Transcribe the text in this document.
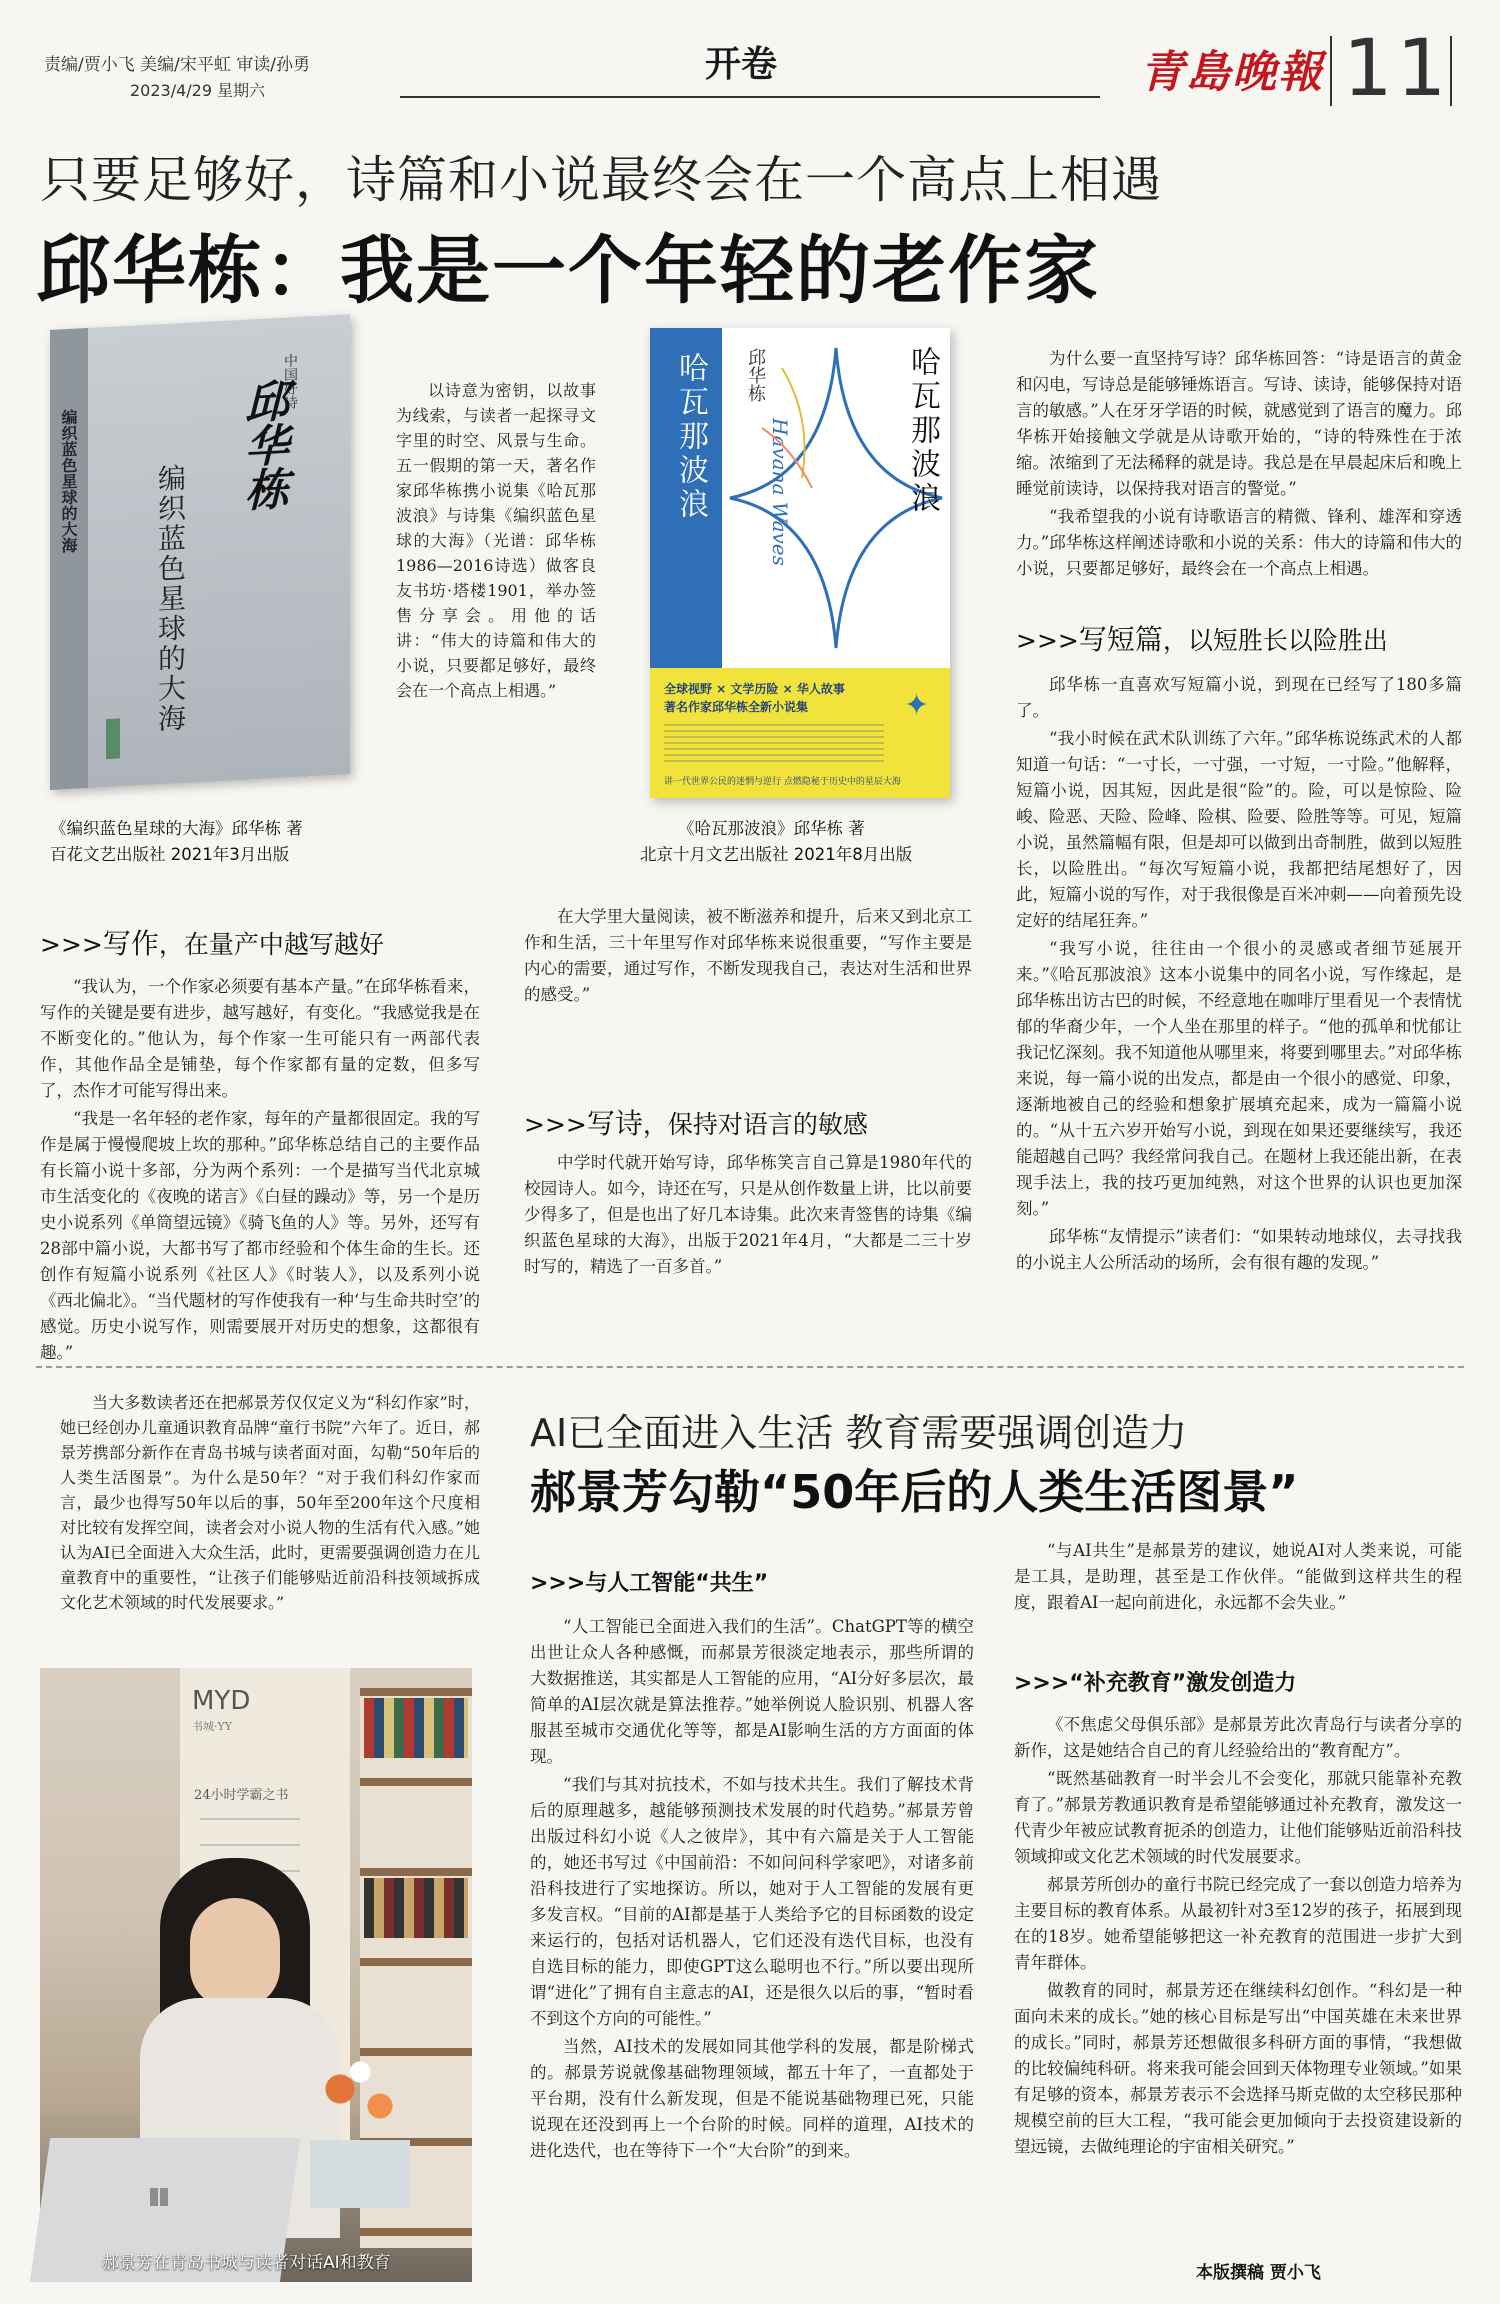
责编/贾小飞 美编/宋平虹 审读/孙勇
2023/4/29 星期六
开卷	青島晚報 11
只要足够好，诗篇和小说最终会在一个高点上相遇
邱华栋：我是一个年轻的老作家
编织蓝色星球的大海
中国好诗
邱华栋
编织蓝色星球的大海
《编织蓝色星球的大海》邱华栋 著
百花文艺出版社 2021年3月出版

以诗意为密钥，以故事为线索，与读者一起探寻文字里的时空、风景与生命。五一假期的第一天，著名作家邱华栋携小说集《哈瓦那波浪》与诗集《编织蓝色星球的大海》（光谱：邱华栋1986—2016诗选）做客良友书坊·塔楼1901，举办签售分享会。用他的话讲：“伟大的诗篇和伟大的小说，只要都足够好，最终会在一个高点上相遇。”

哈瓦那波浪 邱华栋
Havana Waves	哈瓦那波浪
全球视野 × 文学历险 × 华人故事
著名作家邱华栋全新小说集	✦
讲一代世界公民的迷惘与逆行 点燃隐秘于历史中的星辰大海
《哈瓦那波浪》邱华栋 著
北京十月文艺出版社 2021年8月出版
>>>写作，在量产中越写越好

“我认为，一个作家必须要有基本产量。”在邱华栋看来，写作的关键是要有进步，越写越好，有变化。“我感觉我是在不断变化的。”他认为，每个作家一生可能只有一两部代表作，其他作品全是铺垫，每个作家都有量的定数，但多写了，杰作才可能写得出来。

“我是一名年轻的老作家，每年的产量都很固定。我的写作是属于慢慢爬坡上坎的那种。”邱华栋总结自己的主要作品有长篇小说十多部，分为两个系列：一个是描写当代北京城市生活变化的《夜晚的诺言》《白昼的躁动》等，另一个是历史小说系列《单筒望远镜》《骑飞鱼的人》等。另外，还写有28部中篇小说，大都书写了都市经验和个体生命的生长。还创作有短篇小说系列《社区人》《时装人》，以及系列小说《西北偏北》。“当代题材的写作使我有一种‘与生命共时空’的感觉。历史小说写作，则需要展开对历史的想象，这都很有趣。”

在大学里大量阅读，被不断滋养和提升，后来又到北京工作和生活，三十年里写作对邱华栋来说很重要，“写作主要是内心的需要，通过写作，不断发现我自己，表达对生活和世界的感受。”

>>>写诗，保持对语言的敏感

中学时代就开始写诗，邱华栋笑言自己算是1980年代的校园诗人。如今，诗还在写，只是从创作数量上讲，比以前要少得多了，但是也出了好几本诗集。此次来青签售的诗集《编织蓝色星球的大海》，出版于2021年4月，“大都是二三十岁时写的，精选了一百多首。”

为什么要一直坚持写诗？邱华栋回答：“诗是语言的黄金和闪电，写诗总是能够锤炼语言。写诗、读诗，能够保持对语言的敏感。”人在牙牙学语的时候，就感觉到了语言的魔力。邱华栋开始接触文学就是从诗歌开始的，“诗的特殊性在于浓缩。浓缩到了无法稀释的就是诗。我总是在早晨起床后和晚上睡觉前读诗，以保持我对语言的警觉。”

“我希望我的小说有诗歌语言的精微、锋利、雄浑和穿透力。”邱华栋这样阐述诗歌和小说的关系：伟大的诗篇和伟大的小说，只要都足够好，最终会在一个高点上相遇。

>>>写短篇，以短胜长以险胜出

邱华栋一直喜欢写短篇小说，到现在已经写了180多篇了。

“我小时候在武术队训练了六年。”邱华栋说练武术的人都知道一句话：“一寸长，一寸强，一寸短，一寸险。”他解释，短篇小说，因其短，因此是很“险”的。险，可以是惊险、险峻、险恶、天险、险峰、险棋、险要、险胜等等。可见，短篇小说，虽然篇幅有限，但是却可以做到出奇制胜，做到以短胜长，以险胜出。“每次写短篇小说，我都把结尾想好了，因此，短篇小说的写作，对于我很像是百米冲刺——向着预先设定好的结尾狂奔。”

“我写小说，往往由一个很小的灵感或者细节延展开来。”《哈瓦那波浪》这本小说集中的同名小说，写作缘起，是邱华栋出访古巴的时候，不经意地在咖啡厅里看见一个表情忧郁的华裔少年，一个人坐在那里的样子。“他的孤单和忧郁让我记忆深刻。我不知道他从哪里来，将要到哪里去。”对邱华栋来说，每一篇小说的出发点，都是由一个很小的感觉、印象，逐渐地被自己的经验和想象扩展填充起来，成为一篇篇小说的。“从十五六岁开始写小说，到现在如果还要继续写，我还能超越自己吗？我经常问我自己。在题材上我还能出新，在表现手法上，我的技巧更加纯熟，对这个世界的认识也更加深刻。”

邱华栋“友情提示”读者们：“如果转动地球仪，去寻找我的小说主人公所活动的场所，会有很有趣的发现。”

当大多数读者还在把郝景芳仅仅定义为“科幻作家”时，她已经创办儿童通识教育品牌“童行书院”六年了。近日，郝景芳携部分新作在青岛书城与读者面对面，勾勒“50年后的人类生活图景”。为什么是50年？“对于我们科幻作家而言，最少也得写50年以后的事，50年至200年这个尺度相对比较有发挥空间，读者会对小说人物的生活有代入感。”她认为AI已全面进入大众生活，此时，更需要强调创造力在儿童教育中的重要性，“让孩子们能够贴近前沿科技领域拆成文化艺术领域的时代发展要求。”

MYD
书城·YY
24小时学霸之书
郝景芳在青岛书城与读者对话AI和教育
AI已全面进入生活 教育需要强调创造力
郝景芳勾勒“50年后的人类生活图景”
>>>与人工智能“共生”

“人工智能已全面进入我们的生活”。ChatGPT等的横空出世让众人各种感慨，而郝景芳很淡定地表示，那些所谓的大数据推送，其实都是人工智能的应用，“AI分好多层次，最简单的AI层次就是算法推荐。”她举例说人脸识别、机器人客服甚至城市交通优化等等，都是AI影响生活的方方面面的体现。

“我们与其对抗技术，不如与技术共生。我们了解技术背后的原理越多，越能够预测技术发展的时代趋势。”郝景芳曾出版过科幻小说《人之彼岸》，其中有六篇是关于人工智能的，她还书写过《中国前沿：不如问问科学家吧》，对诸多前沿科技进行了实地探访。所以，她对于人工智能的发展有更多发言权。“目前的AI都是基于人类给予它的目标函数的设定来运行的，包括对话机器人，它们还没有迭代目标，也没有自选目标的能力，即使GPT这么聪明也不行。”所以要出现所谓“进化”了拥有自主意志的AI，还是很久以后的事，“暂时看不到这个方向的可能性。”

当然，AI技术的发展如同其他学科的发展，都是阶梯式的。郝景芳说就像基础物理领域，都五十年了，一直都处于平台期，没有什么新发现，但是不能说基础物理已死，只能说现在还没到再上一个台阶的时候。同样的道理，AI技术的进化迭代，也在等待下一个“大台阶”的到来。

“与AI共生”是郝景芳的建议，她说AI对人类来说，可能是工具，是助理，甚至是工作伙伴。“能做到这样共生的程度，跟着AI一起向前进化，永远都不会失业。”

>>>“补充教育”激发创造力

《不焦虑父母俱乐部》是郝景芳此次青岛行与读者分享的新作，这是她结合自己的育儿经验给出的“教育配方”。

“既然基础教育一时半会儿不会变化，那就只能靠补充教育了。”郝景芳教通识教育是希望能够通过补充教育，激发这一代青少年被应试教育扼杀的创造力，让他们能够贴近前沿科技领域抑或文化艺术领域的时代发展要求。

郝景芳所创办的童行书院已经完成了一套以创造力培养为主要目标的教育体系。从最初针对3至12岁的孩子，拓展到现在的18岁。她希望能够把这一补充教育的范围进一步扩大到青年群体。

做教育的同时，郝景芳还在继续科幻创作。“科幻是一种面向未来的成长。”她的核心目标是写出“中国英雄在未来世界的成长。”同时，郝景芳还想做很多科研方面的事情，“我想做的比较偏纯科研。将来我可能会回到天体物理专业领域。”如果有足够的资本，郝景芳表示不会选择马斯克做的太空移民那种规模空前的巨大工程，“我可能会更加倾向于去投资建设新的望远镜，去做纯理论的宇宙相关研究。”

本版撰稿 贾小飞
